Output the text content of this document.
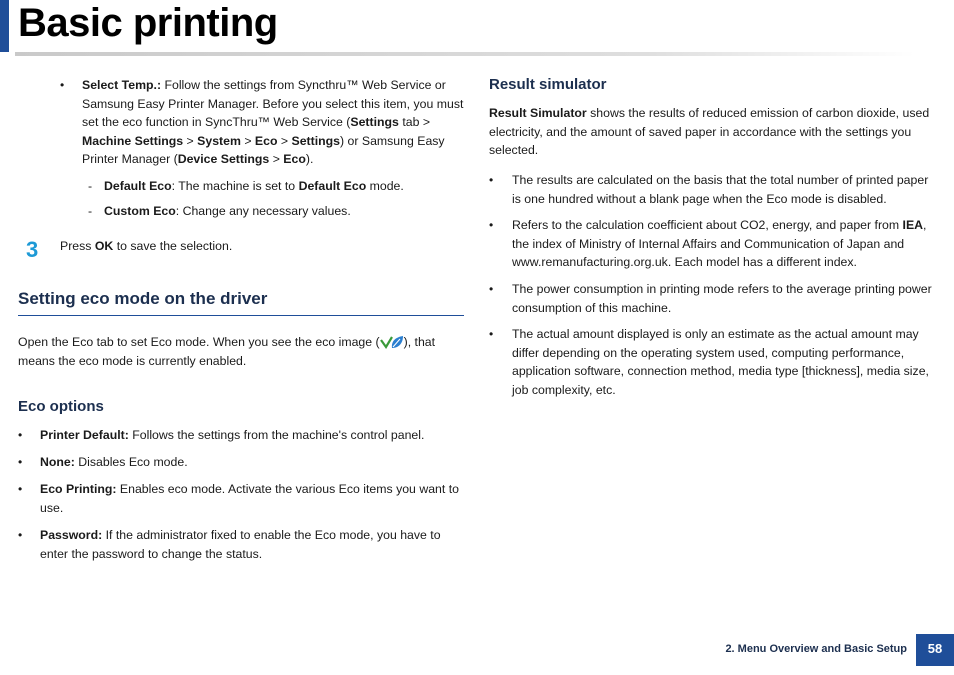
Basic printing
• Select Temp.: Follow the settings from Syncthru™ Web Service or Samsung Easy Printer Manager. Before you select this item, you must set the eco function in SyncThru™ Web Service (Settings tab > Machine Settings > System > Eco > Settings) or Samsung Easy Printer Manager (Device Settings > Eco).

- Default Eco: The machine is set to Default Eco mode.

- Custom Eco: Change any necessary values.

3 Press OK to save the selection.

Setting eco mode on the driver

Open the Eco tab to set Eco mode. When you see the eco image ( ), that means the eco mode is currently enabled.

Eco options
• Printer Default: Follows the settings from the machine's control panel.

• None: Disables Eco mode.

• Eco Printing: Enables eco mode. Activate the various Eco items you want to use.

• Password: If the administrator fixed to enable the Eco mode, you have to enter the password to change the status.

Result simulator

Result Simulator shows the results of reduced emission of carbon dioxide, used electricity, and the amount of saved paper in accordance with the settings you selected.

• The results are calculated on the basis that the total number of printed paper is one hundred without a blank page when the Eco mode is disabled.

• Refers to the calculation coefficient about CO2, energy, and paper from IEA, the index of Ministry of Internal Affairs and Communication of Japan and www.remanufacturing.org.uk. Each model has a different index.

• The power consumption in printing mode refers to the average printing power consumption of this machine.

• The actual amount displayed is only an estimate as the actual amount may differ depending on the operating system used, computing performance, application software, connection method, media type [thickness], media size, job complexity, etc.

2. Menu Overview and Basic Setup	58
